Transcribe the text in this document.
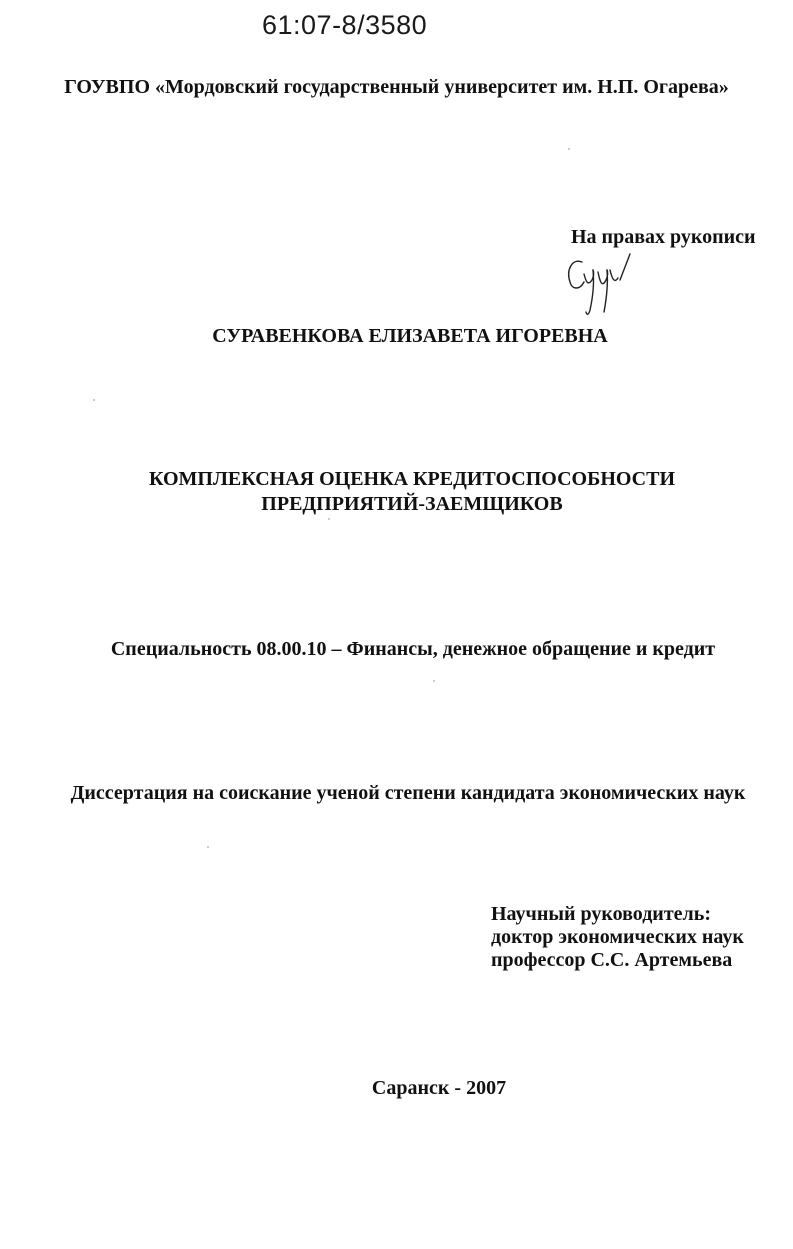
61:07-8/3580
ГОУВПО «Мордовский государственный университет им. Н.П. Огарева»
На правах рукописи
СУРАВЕНКОВА ЕЛИЗАВЕТА ИГОРЕВНА
КОМПЛЕКСНАЯ ОЦЕНКА КРЕДИТОСПОСОБНОСТИ
ПРЕДПРИЯТИЙ-ЗАЕМЩИКОВ
Специальность 08.00.10 – Финансы, денежное обращение и кредит
Диссертация на соискание ученой степени кандидата экономических наук
Научный руководитель:
доктор экономических наук
профессор С.С. Артемьева
Саранск - 2007
